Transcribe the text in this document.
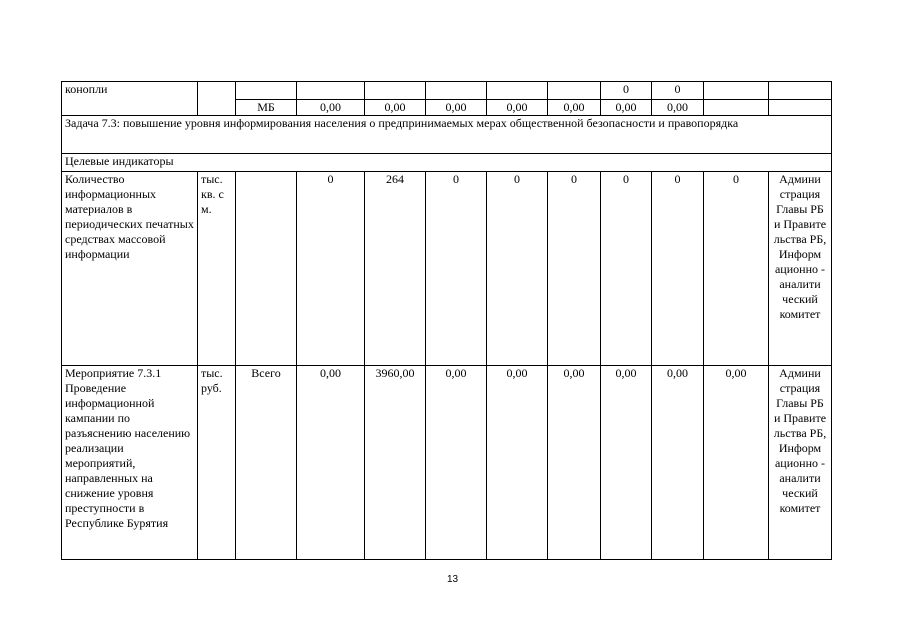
конопли								0	0		
		МБ	0,00	0,00	0,00	0,00	0,00	0,00	0,00		
Задача 7.3: повышение уровня информирования населения о предпринимаемых мерах общественной безопасности и правопорядка											
Целевые индикаторы											
Количество информационных материалов в периодических печатных средствах массовой информации	тыс. кв. с м.		0	264	0	0	0	0	0	0	Админи страция Главы РБ и Правите льства РБ, Информ ационно - аналити ческий комитет
Мероприятие 7.3.1 Проведение информационной кампании по разъяснению населению реализации мероприятий, направленных на снижение уровня преступности в Республике Бурятия	тыс. руб.	Всего	0,00	3960,00	0,00	0,00	0,00	0,00	0,00	0,00	Админи страция Главы РБ и Правите льства РБ, Информ ационно - аналити ческий комитет
13
